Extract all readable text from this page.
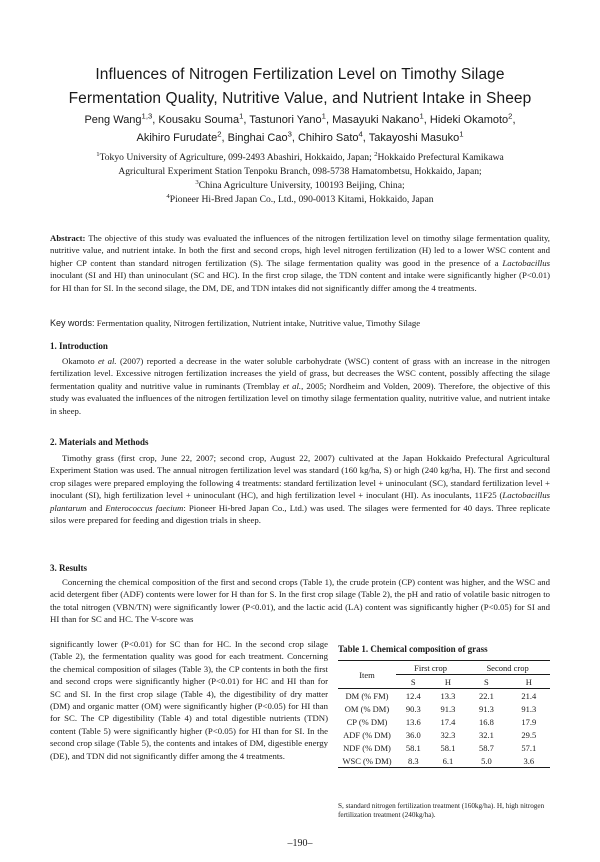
Influences of Nitrogen Fertilization Level on Timothy Silage
Fermentation Quality, Nutritive Value, and Nutrient Intake in Sheep
Peng Wang$^{1,3}$, Kousaku Souma$^1$, Tastunori Yano$^1$, Masayuki Nakano$^1$, Hideki Okamoto$^2$,
Akihiro Furudate$^2$, Binghai Cao$^3$, Chihiro Sato$^4$, Takayoshi Masuko$^1$
$^1$Tokyo University of Agriculture, 099-2493 Abashiri, Hokkaido, Japan; $^2$Hokkaido Prefectural Kamikawa
Agricultural Experiment Station Tenpoku Branch, 098-5738 Hamatombetsu, Hokkaido, Japan;
$^3$China Agriculture University, 100193 Beijing, China;
$^4$Pioneer Hi-Bred Japan Co., Ltd., 090-0013 Kitami, Hokkaido, Japan
Abstract: The objective of this study was evaluated the influences of the nitrogen fertilization level on timothy silage fermentation quality, nutritive value, and nutrient intake. In both the first and second crops, high level nitrogen fertilization (H) led to a lower WSC content and higher CP content than standard nitrogen fertilization (S). The silage fermentation quality was good in the presence of a Lactobacillus inoculant (SI and HI) than uninoculant (SC and HC). In the first crop silage, the TDN content and intake were significantly higher (P<0.01) for HI than for SI. In the second silage, the DM, DE, and TDN intakes did not significantly differ among the 4 treatments.
Key words: Fermentation quality, Nitrogen fertilization, Nutrient intake, Nutritive value, Timothy Silage
1. Introduction
Okamoto et al. (2007) reported a decrease in the water soluble carbohydrate (WSC) content of grass with an increase in the nitrogen fertilization level. Excessive nitrogen fertilization increases the yield of grass, but decreases the WSC content, possibly affecting the silage fermentation quality and nutritive value in ruminants (Tremblay et al., 2005; Nordheim and Volden, 2009). Therefore, the objective of this study was evaluated the influences of the nitrogen fertilization level on timothy silage fermentation quality, nutritive value, and nutrient intake in sheep.
2. Materials and Methods
Timothy grass (first crop, June 22, 2007; second crop, August 22, 2007) cultivated at the Japan Hokkaido Prefectural Agricultural Experiment Station was used. The annual nitrogen fertilization level was standard (160 kg/ha, S) or high (240 kg/ha, H). The first and second crop silages were prepared employing the following 4 treatments: standard fertilization level + uninoculant (SC), standard fertilization level + inoculant (SI), high fertilization level + uninoculant (HC), and high fertilization level + inoculant (HI). As inoculants, 11F25 (Lactobacillus plantarum and Enterococcus faecium: Pioneer Hi-bred Japan Co., Ltd.) was used. The silages were fermented for 40 days. Three replicate silos were prepared for feeding and digestion trials in sheep.
3. Results
Concerning the chemical composition of the first and second crops (Table 1), the crude protein (CP) content was higher, and the WSC and acid detergent fiber (ADF) contents were lower for H than for S. In the first crop silage (Table 2), the pH and ratio of volatile basic nitrogen to the total nitrogen (VBN/TN) were significantly lower (P<0.01), and the lactic acid (LA) content was significantly higher (P<0.05) for SI and HI than for SC and HC. The V-score was
significantly lower (P<0.01) for SC than for HC. In the second crop silage (Table 2), the fermentation quality was good for each treatment. Concerning the chemical composition of silages (Table 3), the CP contents in both the first and second crops were significantly higher (P<0.01) for HC and HI than for SC and SI. In the first crop silage (Table 4), the digestibility of dry matter (DM) and organic matter (OM) were significantly higher (P<0.05) for HI than for SC. The CP digestibility (Table 4) and total digestible nutrients (TDN) content (Table 5) were significantly higher (P<0.05) for HI than for SI. In the second crop silage (Table 5), the contents and intakes of DM, digestible energy (DE), and TDN did not significantly differ among the 4 treatments.
Table 1. Chemical composition of grass
Item	First crop		Second crop	
	S	H	S	H
DM (% FM)	12.4	13.3	22.1	21.4
OM (% DM)	90.3	91.3	91.3	91.3
CP (% DM)	13.6	17.4	16.8	17.9
ADF (% DM)	36.0	32.3	32.1	29.5
NDF (% DM)	58.1	58.1	58.7	57.1
WSC (% DM)	8.3	6.1	5.0	3.6
S, standard nitrogen fertilization treatment (160kg/ha). H, high nitrogen fertilization treatment (240kg/ha).
–190–
